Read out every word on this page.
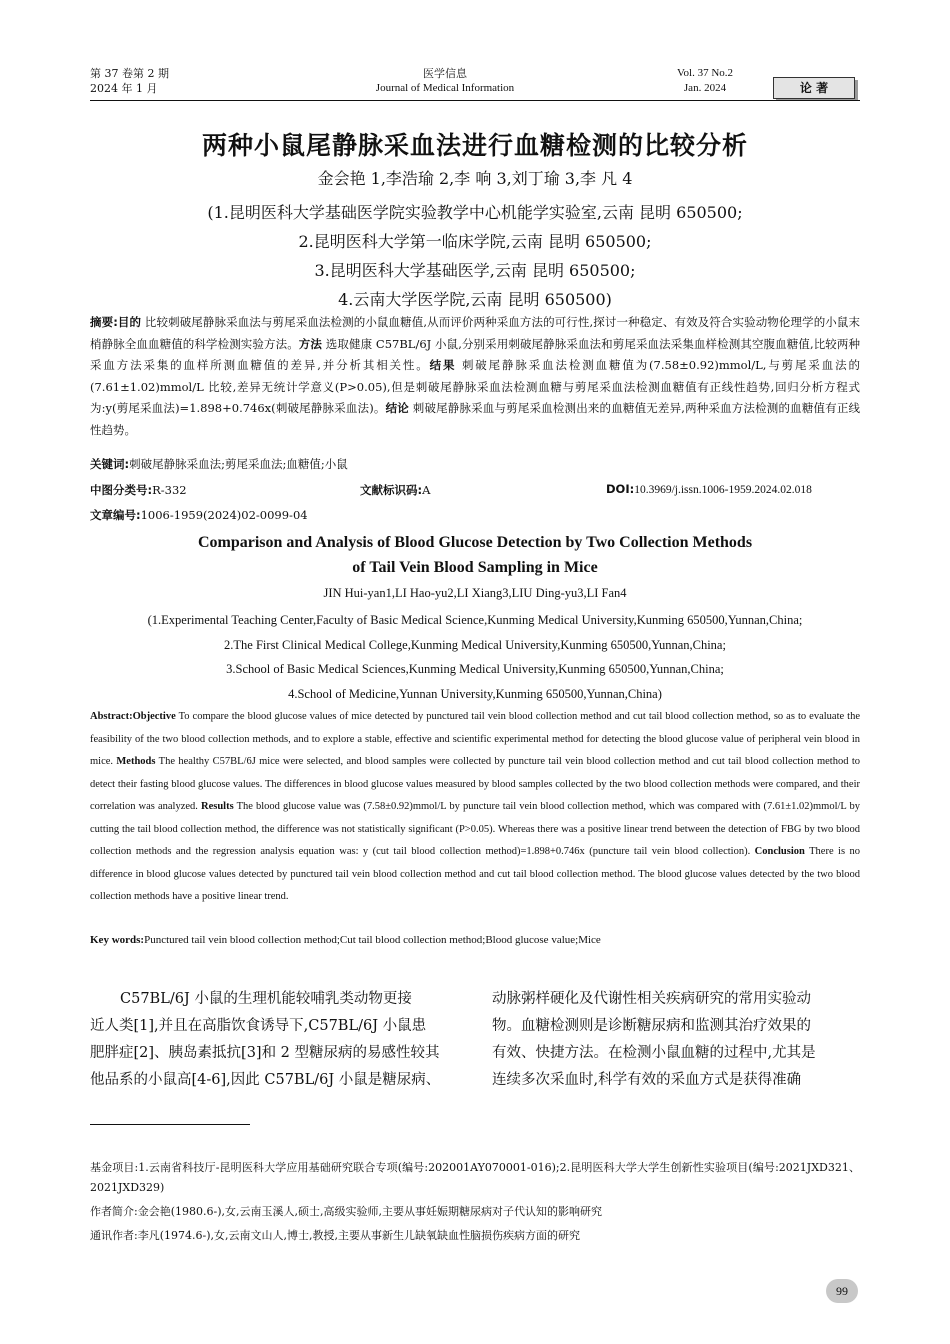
第 37 卷第 2 期
2024 年 1 月
医学信息
Journal of Medical Information
Vol. 37 No.2
Jan. 2024	论 著
两种小鼠尾静脉采血法进行血糖检测的比较分析
金会艳 1,李浩瑜 2,李 响 3,刘丁瑜 3,李 凡 4
(1.昆明医科大学基础医学院实验教学中心机能学实验室,云南 昆明 650500;
2.昆明医科大学第一临床学院,云南 昆明 650500;
3.昆明医科大学基础医学,云南 昆明 650500;
4.云南大学医学院,云南 昆明 650500)
摘要:目的 比较刺破尾静脉采血法与剪尾采血法检测的小鼠血糖值,从而评价两种采血方法的可行性,探讨一种稳定、有效及符合实验动物伦理学的小鼠末梢静脉全血血糖值的科学检测实验方法。方法 选取健康 C57BL/6J 小鼠,分别采用刺破尾静脉采血法和剪尾采血法采集血样检测其空腹血糖值,比较两种采血方法采集的血样所测血糖值的差异,并分析其相关性。结果 刺破尾静脉采血法检测血糖值为(7.58±0.92)mmol/L,与剪尾采血法的(7.61±1.02)mmol/L 比较,差异无统计学意义(P>0.05),但是刺破尾静脉采血法检测血糖与剪尾采血法检测血糖值有正线性趋势,回归分析方程式为:y(剪尾采血法)=1.898+0.746x(刺破尾静脉采血法)。结论 刺破尾静脉采血与剪尾采血检测出来的血糖值无差异,两种采血方法检测的血糖值有正线性趋势。
关键词:刺破尾静脉采血法;剪尾采血法;血糖值;小鼠
中图分类号:R-332	文献标识码:A	DOI:10.3969/j.issn.1006-1959.2024.02.018
文章编号:1006-1959(2024)02-0099-04
Comparison and Analysis of Blood Glucose Detection by Two Collection Methods
of Tail Vein Blood Sampling in Mice
JIN Hui-yan1,LI Hao-yu2,LI Xiang3,LIU Ding-yu3,LI Fan4
(1.Experimental Teaching Center,Faculty of Basic Medical Science,Kunming Medical University,Kunming 650500,Yunnan,China;
2.The First Clinical Medical College,Kunming Medical University,Kunming 650500,Yunnan,China;
3.School of Basic Medical Sciences,Kunming Medical University,Kunming 650500,Yunnan,China;
4.School of Medicine,Yunnan University,Kunming 650500,Yunnan,China)
Abstract:Objective To compare the blood glucose values of mice detected by punctured tail vein blood collection method and cut tail blood collection method, so as to evaluate the feasibility of the two blood collection methods, and to explore a stable, effective and scientific experimental method for detecting the blood glucose value of peripheral vein blood in mice. Methods The healthy C57BL/6J mice were selected, and blood samples were collected by puncture tail vein blood collection method and cut tail blood collection method to detect their fasting blood glucose values. The differences in blood glucose values measured by blood samples collected by the two blood collection methods were compared, and their correlation was analyzed. Results The blood glucose value was (7.58±0.92)mmol/L by puncture tail vein blood collection method, which was compared with (7.61±1.02)mmol/L by cutting the tail blood collection method, the difference was not statistically significant (P>0.05). Whereas there was a positive linear trend between the detection of FBG by two blood collection methods and the regression analysis equation was: y (cut tail blood collection method)=1.898+0.746x (puncture tail vein blood collection). Conclusion There is no difference in blood glucose values detected by punctured tail vein blood collection method and cut tail blood collection method. The blood glucose values detected by the two blood collection methods have a positive linear trend.
Key words:Punctured tail vein blood collection method;Cut tail blood collection method;Blood glucose value;Mice
C57BL/6J 小鼠的生理机能较哺乳类动物更接
近人类[1],并且在高脂饮食诱导下,C57BL/6J 小鼠患
肥胖症[2]、胰岛素抵抗[3]和 2 型糖尿病的易感性较其
他品系的小鼠高[4-6],因此 C57BL/6J 小鼠是糖尿病、
动脉粥样硬化及代谢性相关疾病研究的常用实验动
物。血糖检测则是诊断糖尿病和监测其治疗效果的
有效、快捷方法。在检测小鼠血糖的过程中,尤其是
连续多次采血时,科学有效的采血方式是获得准确
基金项目:1.云南省科技厅-昆明医科大学应用基础研究联合专项(编号:202001AY070001-016);2.昆明医科大学大学生创新性实验项目(编号:2021JXD321、2021JXD329)
作者简介:金会艳(1980.6-),女,云南玉溪人,硕士,高级实验师,主要从事妊娠期糖尿病对子代认知的影响研究
通讯作者:李凡(1974.6-),女,云南文山人,博士,教授,主要从事新生儿缺氧缺血性脑损伤疾病方面的研究
99
